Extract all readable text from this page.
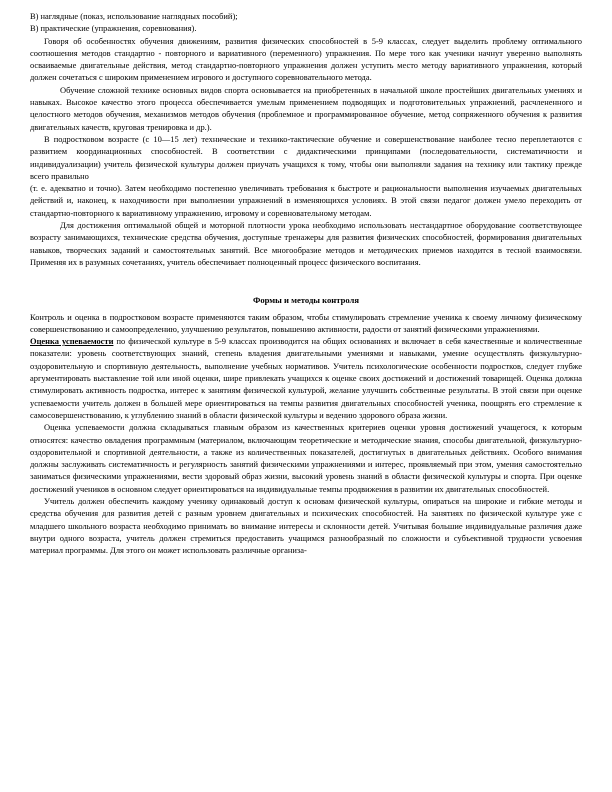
В) наглядные (показ, использование наглядных пособий);

В) практические (упражнения, соревнования).

Говоря об особенностях обучения движениям, развития физических способностей в 5-9 классах, следует выделить проблему оптимального соотношения методов стандартно - повторного и вариативного (переменного) упражнения. По мере того как ученики начнут уверенно выполнять осваиваемые двигательные действия, метод стандартно-повторного упражнения должен уступить место методу вариативного упражнения, который должен сочетаться с широким применением игрового и доступного соревновательного метода.

Обучение сложной технике основных видов спорта основывается на приобретенных в начальной школе простейших двигательных умениях и навыках. Высокое качество этого процесса обеспечивается умелым применением подводящих и подготовительных упражнений, расчлененного и целостного методов обучения, механизмов методов обучения (проблемное и программированное обучение, метод сопряженного обучения к развития двигательных качеств, круговая тренировка и др.).

В подростковом возрасте (с 10—15 лет) технические и технико-тактические обучение и совершенствование наиболее тесно переплетаются с развитием координационных способностей. В соответствии с дидактическими принципами (последовательности, систематичности и индивидуализации) учитель физической культуры должен приучать учащихся к тому, чтобы они выполняли задания на технику или тактику прежде всего правильно

(т. е. адекватно и точно). Затем необходимо постепенно увеличивать требования к быстроте и рациональности выполнения изучаемых двигательных действий и, наконец, к находчивости при выполнении упражнений в изменяющихся условиях. В этой связи педагог должен умело переходить от стандартно-повторного к вариативному упражнению, игровому и соревновательному методам.

Для достижения оптимальной общей и моторной плотности урока необходимо использовать нестандартное оборудование соответствующее возрасту занимающихся, технические средства обучения, доступные тренажеры для развития физических способностей, формирования двигательных навыков, творческих заданий и самостоятельных занятий. Все многообразие методов и методических приемов находится в тесной взаимосвязи. Применяя их в разумных сочетаниях, учитель обеспечивает полноценный процесс физического воспитания.

Формы и методы контроля

Контроль и оценка в подростковом возрасте применяются таким образом, чтобы стимулировать стремление ученика к своему личному физическому совершенствованию и самоопределению, улучшению результатов, повышению активности, радости от занятий физическими упражнениями.

Оценка успеваемости по физической культуре в 5-9 классах производится на общих основаниях и включает в себя качественные и количественные показатели: уровень соответствующих знаний, степень владения двигательными умениями и навыками, умение осуществлять физкультурно-оздоровительную и спортивную деятельность, выполнение учебных нормативов. Учитель психологические особенности подростков, следует глубже аргументировать выставление той или иной оценки, шире привлекать учащихся к оценке своих достижений и достижений товарищей. Оценка должна стимулировать активность подростка, интерес к занятиям физической культурой, желание улучшить собственные результаты. В этой связи при оценке успеваемости учитель должен в большей мере ориентироваться на темпы развития двигательных способностей ученика, поощрять его стремление к самосовершенствованию, к углублению знаний в области физической культуры и ведению здорового образа жизни.

Оценка успеваемости должна складываться главным образом из качественных критериев оценки уровня достижений учащегося, к которым относятся: качество овладения программным (материалом, включающим теоретические и методические знания, способы двигательной, физкультурно-оздоровительной и спортивной деятельности, а также из количественных показателей, достигнутых в двигательных действиях. Особого внимания должны заслуживать систематичность и регулярность занятий физическими упражнениями и интерес, проявляемый при этом, умения самостоятельно заниматься физическими упражнениями, вести здоровый образ жизни, высокий уровень знаний в области физической культуры и спорта. При оценке достижений учеников в основном следует ориентироваться на индивидуальные темпы продвижения в развитии их двигательных способностей.

Учитель должен обеспечить каждому ученику одинаковый доступ к основам физической культуры, опираться на широкие и гибкие методы и средства обучения для развития детей с разным уровнем двигательных и психических способностей. На занятиях по физической культуре уже с младшего школьного возраста необходимо принимать во внимание интересы и склонности детей. Учитывая большие индивидуальные различия даже внутри одного возраста, учитель должен стремиться предоставить учащимся разнообразный по сложности и субъективной трудности усвоения материал программы. Для этого он может использовать различные организа-
